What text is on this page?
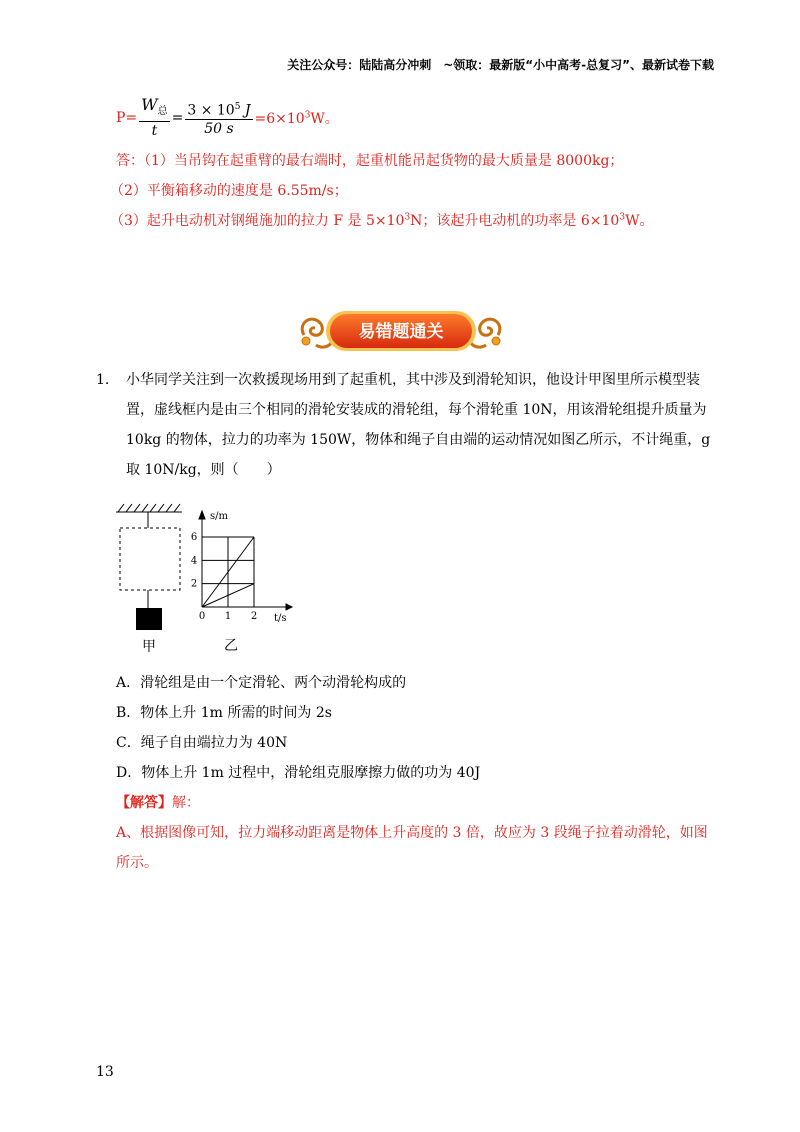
关注公众号：陆陆高分冲刺　~领取：最新版“小中高考-总复习”、最新试卷下载
$P= \frac{W_总}{t} = \frac{3 \times 10^5 J}{50 s} =6\times 10^3W$。
答：（1）当吊钩在起重臂的最右端时，起重机能吊起货物的最大质量是 8000kg；
（2）平衡箱移动的速度是 6.55m/s；
（3）起升电动机对钢绳施加的拉力 F 是 $5\times 10^3N$；该起升电动机的功率是 $6\times 10^3W$。
易错题通关
1. 小华同学关注到一次救援现场用到了起重机，其中涉及到滑轮知识，他设计甲图里所示模型装
置，虚线框内是由三个相同的滑轮安装成的滑轮组，每个滑轮重 10N，用该滑轮组提升质量为
10kg 的物体，拉力的功率为 150W，物体和绳子自由端的运动情况如图乙所示，不计绳重，g
取 10N/kg，则（　　）
甲
s/m
t/s
乙
2
4
6
0 1 2
A．滑轮组是由一个定滑轮、两个动滑轮构成的
B．物体上升 1m 所需的时间为 2s
C．绳子自由端拉力为 40N
D．物体上升 1m 过程中，滑轮组克服摩擦力做的功为 40J
【解答】解：
A、根据图像可知，拉力端移动距离是物体上升高度的 3 倍，故应为 3 段绳子拉着动滑轮，如图
所示。
13
